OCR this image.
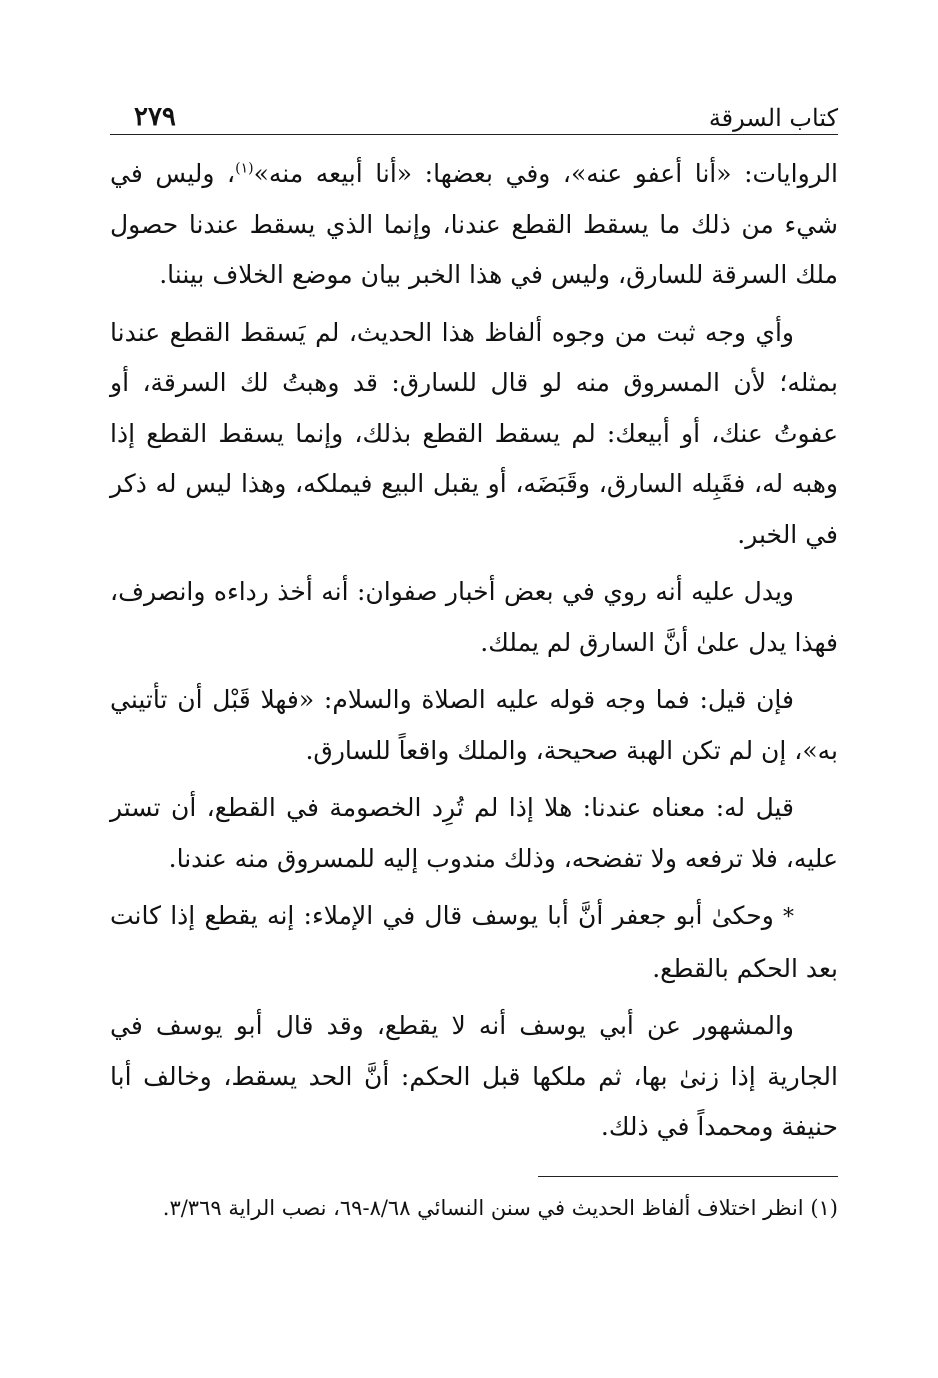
كتاب السرقة
٢٧٩

الروايات: «أنا أعفو عنه»، وفي بعضها: «أنا أبيعه منه»$^{(١)}$، وليس في شيء من ذلك ما يسقط القطع عندنا، وإنما الذي يسقط عندنا حصول ملك السرقة للسارق، وليس في هذا الخبر بيان موضع الخلاف بيننا.

وأي وجه ثبت من وجوه ألفاظ هذا الحديث، لم يَسقط القطع عندنا بمثله؛ لأن المسروق منه لو قال للسارق: قد وهبتُ لك السرقة، أو عفوتُ عنك، أو أبيعك: لم يسقط القطع بذلك، وإنما يسقط القطع إذا وهبه له، فقَبِله السارق، وقَبَضَه، أو يقبل البيع فيملكه، وهذا ليس له ذكر في الخبر.

ويدل عليه أنه روي في بعض أخبار صفوان: أنه أخذ رداءه وانصرف، فهذا يدل علىٰ أنَّ السارق لم يملك.

فإن قيل: فما وجه قوله عليه الصلاة والسلام: «فهلا قَبْل أن تأتيني به»، إن لم تكن الهبة صحيحة، والملك واقعاً للسارق.

قيل له: معناه عندنا: هلا إذا لم تُرِد الخصومة في القطع، أن تستر عليه، فلا ترفعه ولا تفضحه، وذلك مندوب إليه للمسروق منه عندنا.

* وحكىٰ أبو جعفر أنَّ أبا يوسف قال في الإملاء: إنه يقطع إذا كانت بعد الحكم بالقطع.

والمشهور عن أبي يوسف أنه لا يقطع، وقد قال أبو يوسف في الجارية إذا زنىٰ بها، ثم ملكها قبل الحكم: أنَّ الحد يسقط، وخالف أبا حنيفة ومحمداً في ذلك.

(١) انظر اختلاف ألفاظ الحديث في سنن النسائي ٨/٦٨-٦٩، نصب الراية ٣/٣٦٩.
